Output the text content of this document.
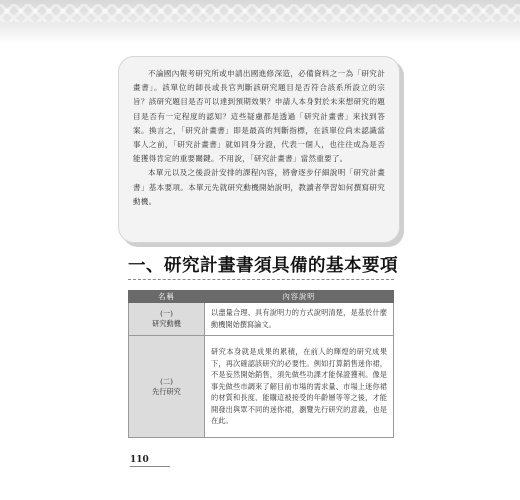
不論國內報考研究所或申請出國進修深造，必備資料之一為「研究計畫書」。該單位的師長或長官判斷該研究題目是否符合該系所設立的宗旨？該研究題目是否可以達到預期效果？申請人本身對於未來想研究的題目是否有一定程度的認知？這些疑慮都是透過「研究計畫書」來找到答案。換言之，「研究計畫書」即是最高的判斷指標，在該單位尚未認識當事人之前，「研究計畫書」就如同身分證，代表一個人，也往往成為是否能獲得肯定的重要關鍵。不用說，「研究計畫書」當然重要了。

本單元以及之後設計安排的課程內容，將會逐步仔細說明「研究計畫書」基本要項。本單元先就研究動機開始說明，教讀者學習如何撰寫研究動機。

一、研究計畫書須具備的基本要項
名稱	內容說明

(一)
研究動機	以盡量合理、具有說明力的方式說明清楚，是基於什麼動機開始撰寫論文。

(二)
先行研究	研究本身就是成果的累積，在前人的輝煌的研究成果下，再次確認該研究的必要性。例如打算銷售迷你裙，不是妄然開始銷售，須先做些功課才能保證獲利。像是事先做些市調來了解目前市場的需求量、市場上迷你裙的材質和長度、能購這被接受的年齡層等等之後，才能開發出與眾不同的迷你裙，瀏覽先行研究的意義，也是在此。
110
